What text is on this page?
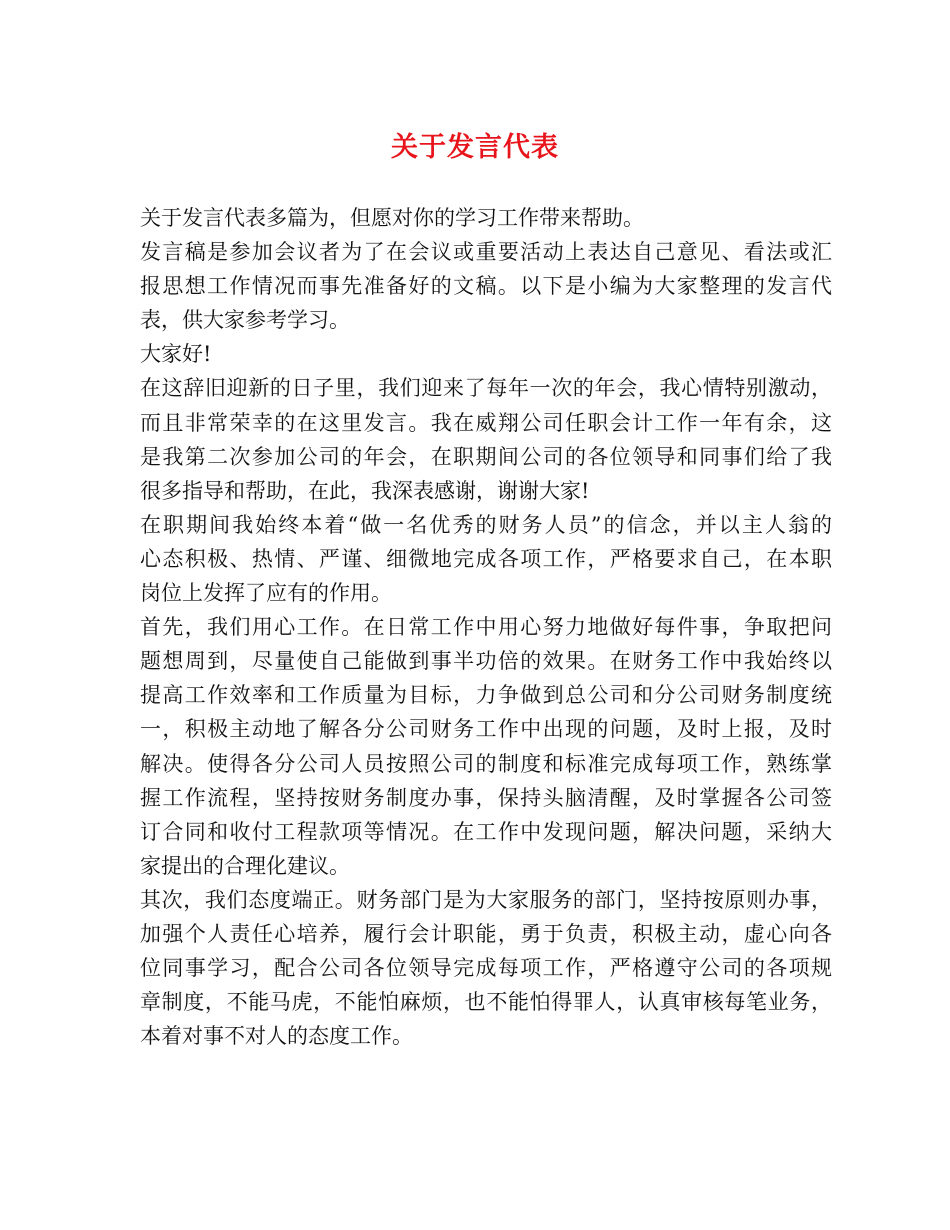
关于发言代表
关于发言代表多篇为，但愿对你的学习工作带来帮助。
发言稿是参加会议者为了在会议或重要活动上表达自己意见、看法或汇
报思想工作情况而事先准备好的文稿。以下是小编为大家整理的发言代
表，供大家参考学习。
大家好!
在这辞旧迎新的日子里，我们迎来了每年一次的年会，我心情特别激动，
而且非常荣幸的在这里发言。我在威翔公司任职会计工作一年有余，这
是我第二次参加公司的年会，在职期间公司的各位领导和同事们给了我
很多指导和帮助，在此，我深表感谢，谢谢大家!
在职期间我始终本着“做一名优秀的财务人员”的信念，并以主人翁的
心态积极、热情、严谨、细微地完成各项工作，严格要求自己，在本职
岗位上发挥了应有的作用。
首先，我们用心工作。在日常工作中用心努力地做好每件事，争取把问
题想周到，尽量使自己能做到事半功倍的效果。在财务工作中我始终以
提高工作效率和工作质量为目标，力争做到总公司和分公司财务制度统
一，积极主动地了解各分公司财务工作中出现的问题，及时上报，及时
解决。使得各分公司人员按照公司的制度和标准完成每项工作，熟练掌
握工作流程，坚持按财务制度办事，保持头脑清醒，及时掌握各公司签
订合同和收付工程款项等情况。在工作中发现问题，解决问题，采纳大
家提出的合理化建议。
其次，我们态度端正。财务部门是为大家服务的部门，坚持按原则办事，
加强个人责任心培养，履行会计职能，勇于负责，积极主动，虚心向各
位同事学习，配合公司各位领导完成每项工作，严格遵守公司的各项规
章制度，不能马虎，不能怕麻烦，也不能怕得罪人，认真审核每笔业务，
本着对事不对人的态度工作。
